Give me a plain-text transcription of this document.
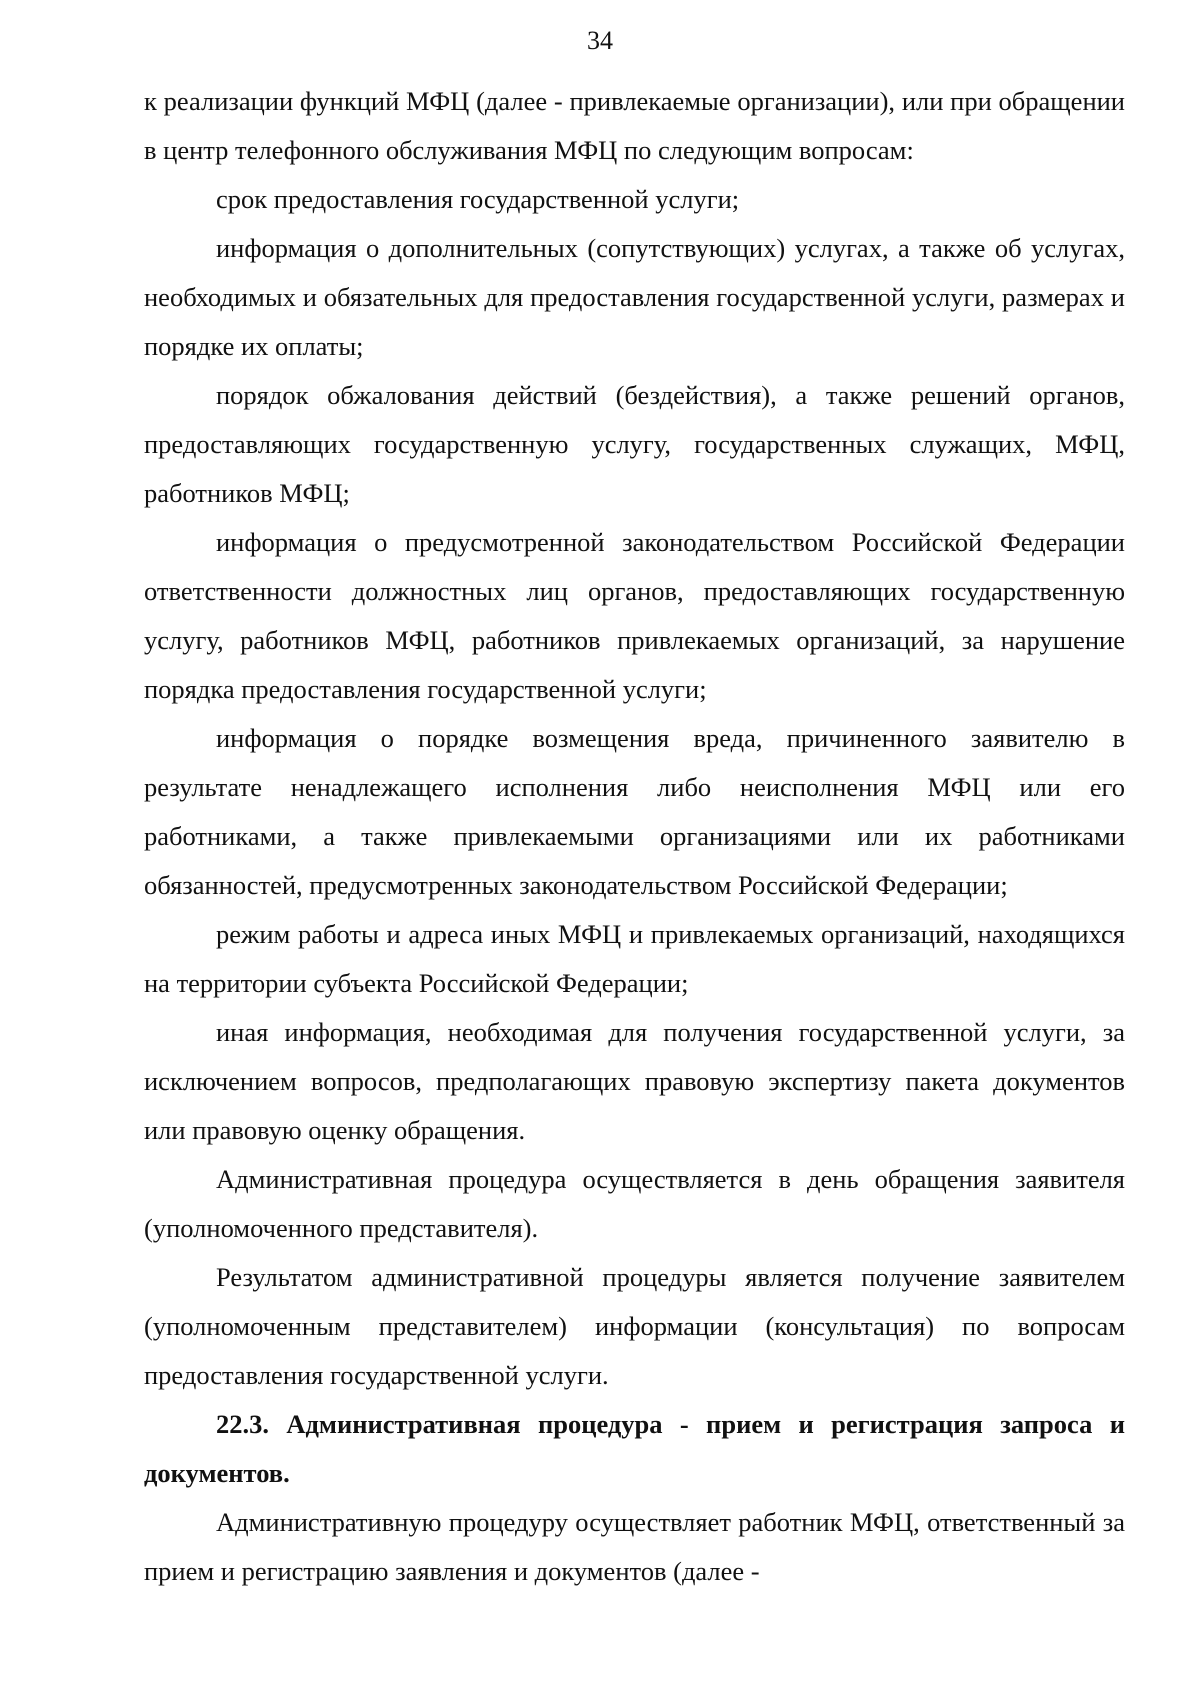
34

к реализации функций МФЦ (далее - привлекаемые организации), или при обращении в центр телефонного обслуживания МФЦ по следующим вопросам:

срок предоставления государственной услуги;

информация о дополнительных (сопутствующих) услугах, а также об услугах, необходимых и обязательных для предоставления государственной услуги, размерах и порядке их оплаты;

порядок обжалования действий (бездействия), а также решений органов, предоставляющих государственную услугу, государственных служащих, МФЦ, работников МФЦ;

информация о предусмотренной законодательством Российской Федерации ответственности должностных лиц органов, предоставляющих государственную услугу, работников МФЦ, работников привлекаемых организаций, за нарушение порядка предоставления государственной услуги;

информация о порядке возмещения вреда, причиненного заявителю в результате ненадлежащего исполнения либо неисполнения МФЦ или его работниками, а также привлекаемыми организациями или их работниками обязанностей, предусмотренных законодательством Российской Федерации;

режим работы и адреса иных МФЦ и привлекаемых организаций, находящихся на территории субъекта Российской Федерации;

иная информация, необходимая для получения государственной услуги, за исключением вопросов, предполагающих правовую экспертизу пакета документов или правовую оценку обращения.

Административная процедура осуществляется в день обращения заявителя (уполномоченного представителя).

Результатом административной процедуры является получение заявителем (уполномоченным представителем) информации (консультация) по вопросам предоставления государственной услуги.

22.3. Административная процедура - прием и регистрация запроса и документов.

Административную процедуру осуществляет работник МФЦ, ответственный за прием и регистрацию заявления и документов (далее -
